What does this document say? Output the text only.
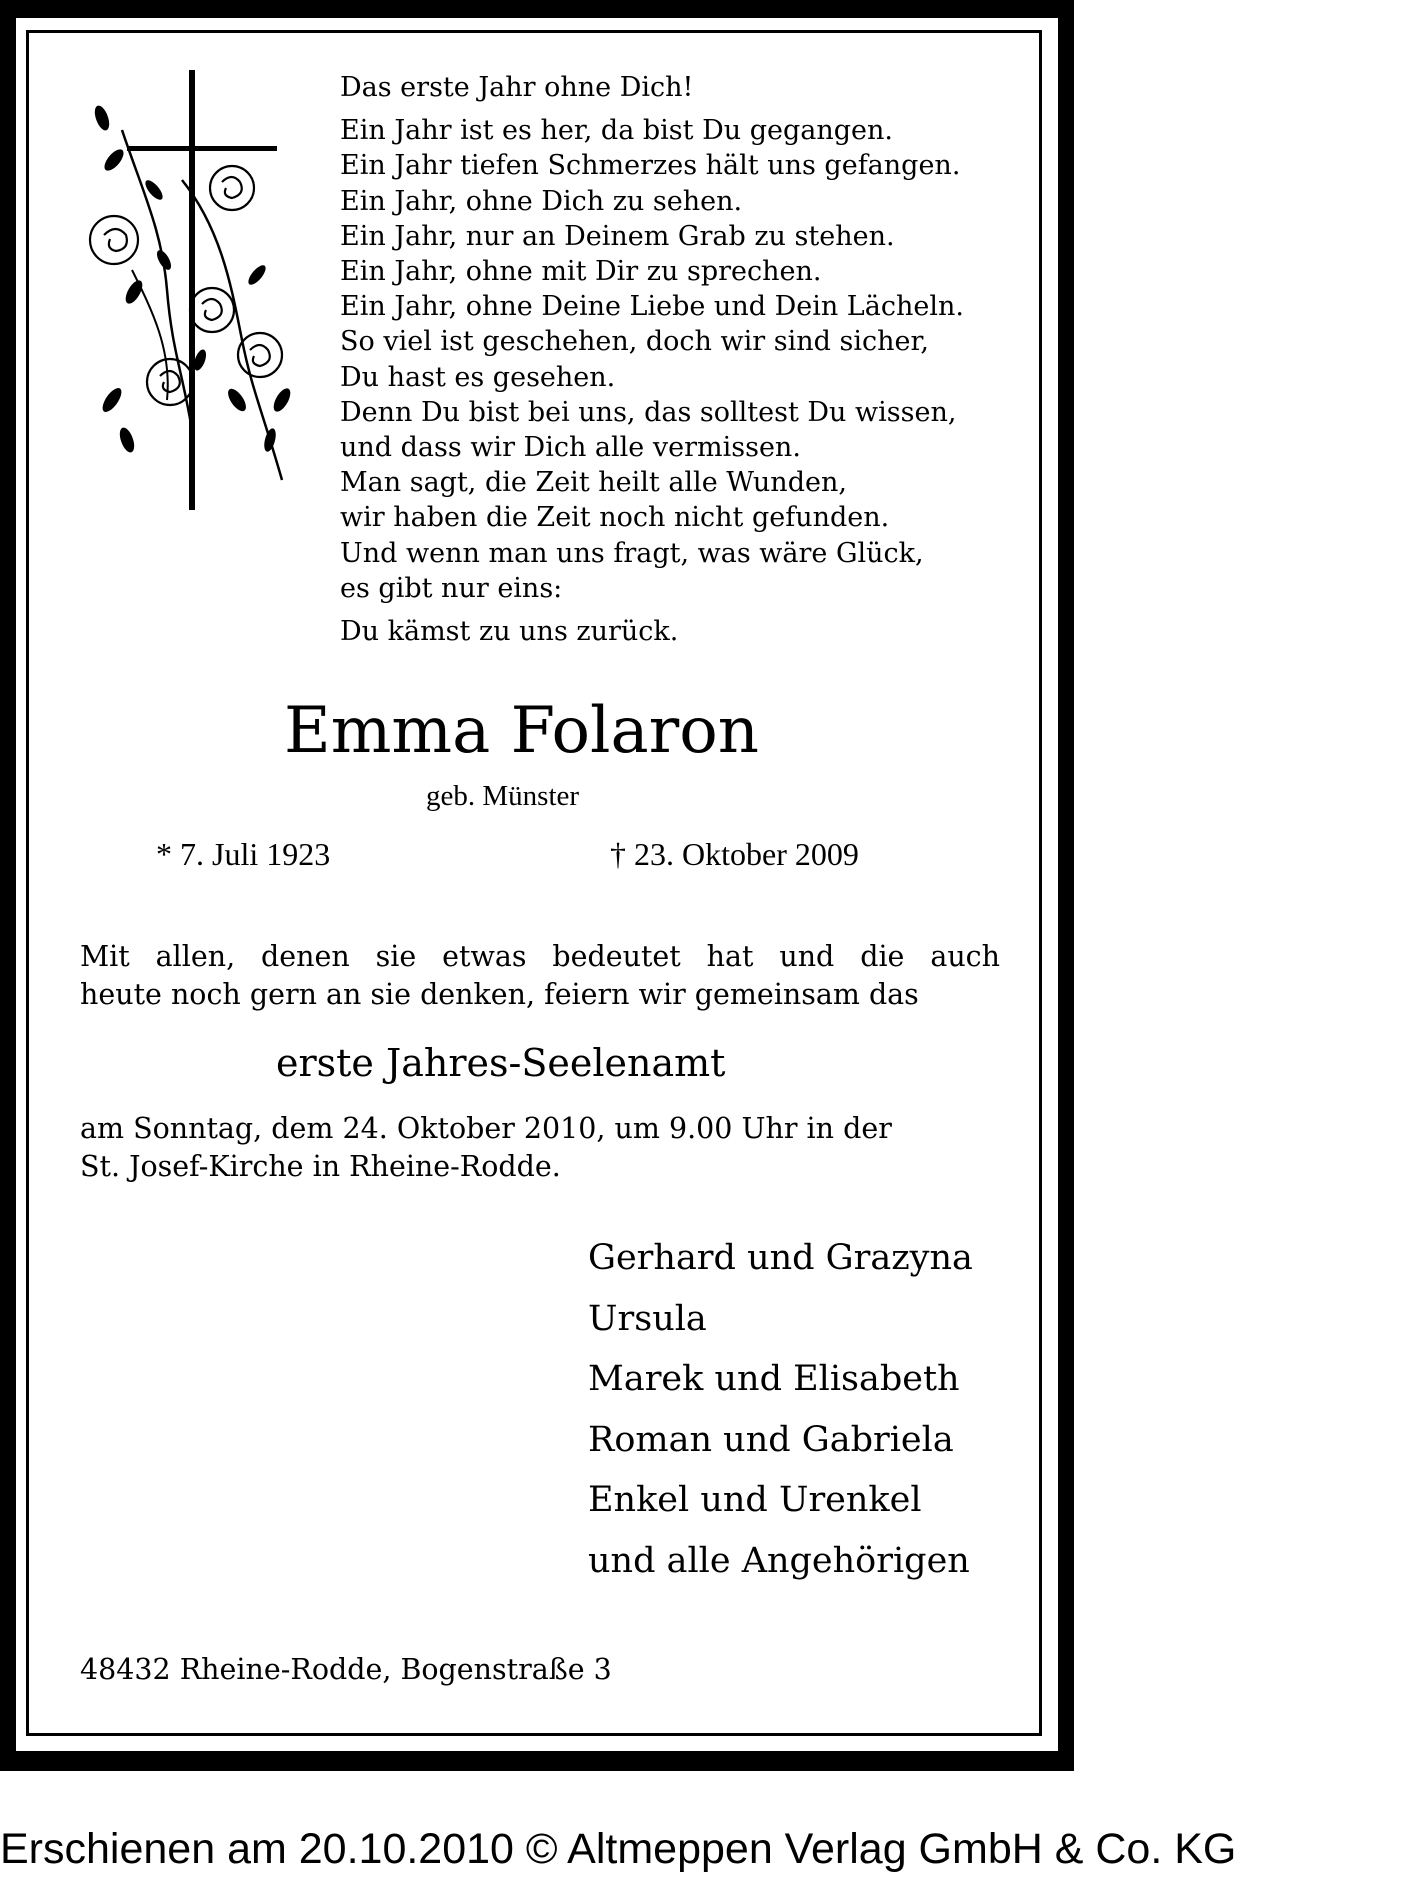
Das erste Jahr ohne Dich!
Ein Jahr ist es her, da bist Du gegangen.
Ein Jahr tiefen Schmerzes hält uns gefangen.
Ein Jahr, ohne Dich zu sehen.
Ein Jahr, nur an Deinem Grab zu stehen.
Ein Jahr, ohne mit Dir zu sprechen.
Ein Jahr, ohne Deine Liebe und Dein Lächeln.
So viel ist geschehen, doch wir sind sicher,
Du hast es gesehen.
Denn Du bist bei uns, das solltest Du wissen,
und dass wir Dich alle vermissen.
Man sagt, die Zeit heilt alle Wunden,
wir haben die Zeit noch nicht gefunden.
Und wenn man uns fragt, was wäre Glück,
es gibt nur eins:
Du kämst zu uns zurück.
Emma Folaron
geb. Münster
* 7. Juli 1923	† 23. Oktober 2009
Mit allen, denen sie etwas bedeutet hat und die auch
heute noch gern an sie denken, feiern wir gemeinsam das
erste Jahres-Seelenamt
am Sonntag, dem 24. Oktober 2010, um 9.00 Uhr in der
St. Josef-Kirche in Rheine-Rodde.
Gerhard und Grazyna
Ursula
Marek und Elisabeth
Roman und Gabriela
Enkel und Urenkel
und alle Angehörigen
48432 Rheine-Rodde, Bogenstraße 3
Erschienen am 20.10.2010 © Altmeppen Verlag GmbH & Co. KG
